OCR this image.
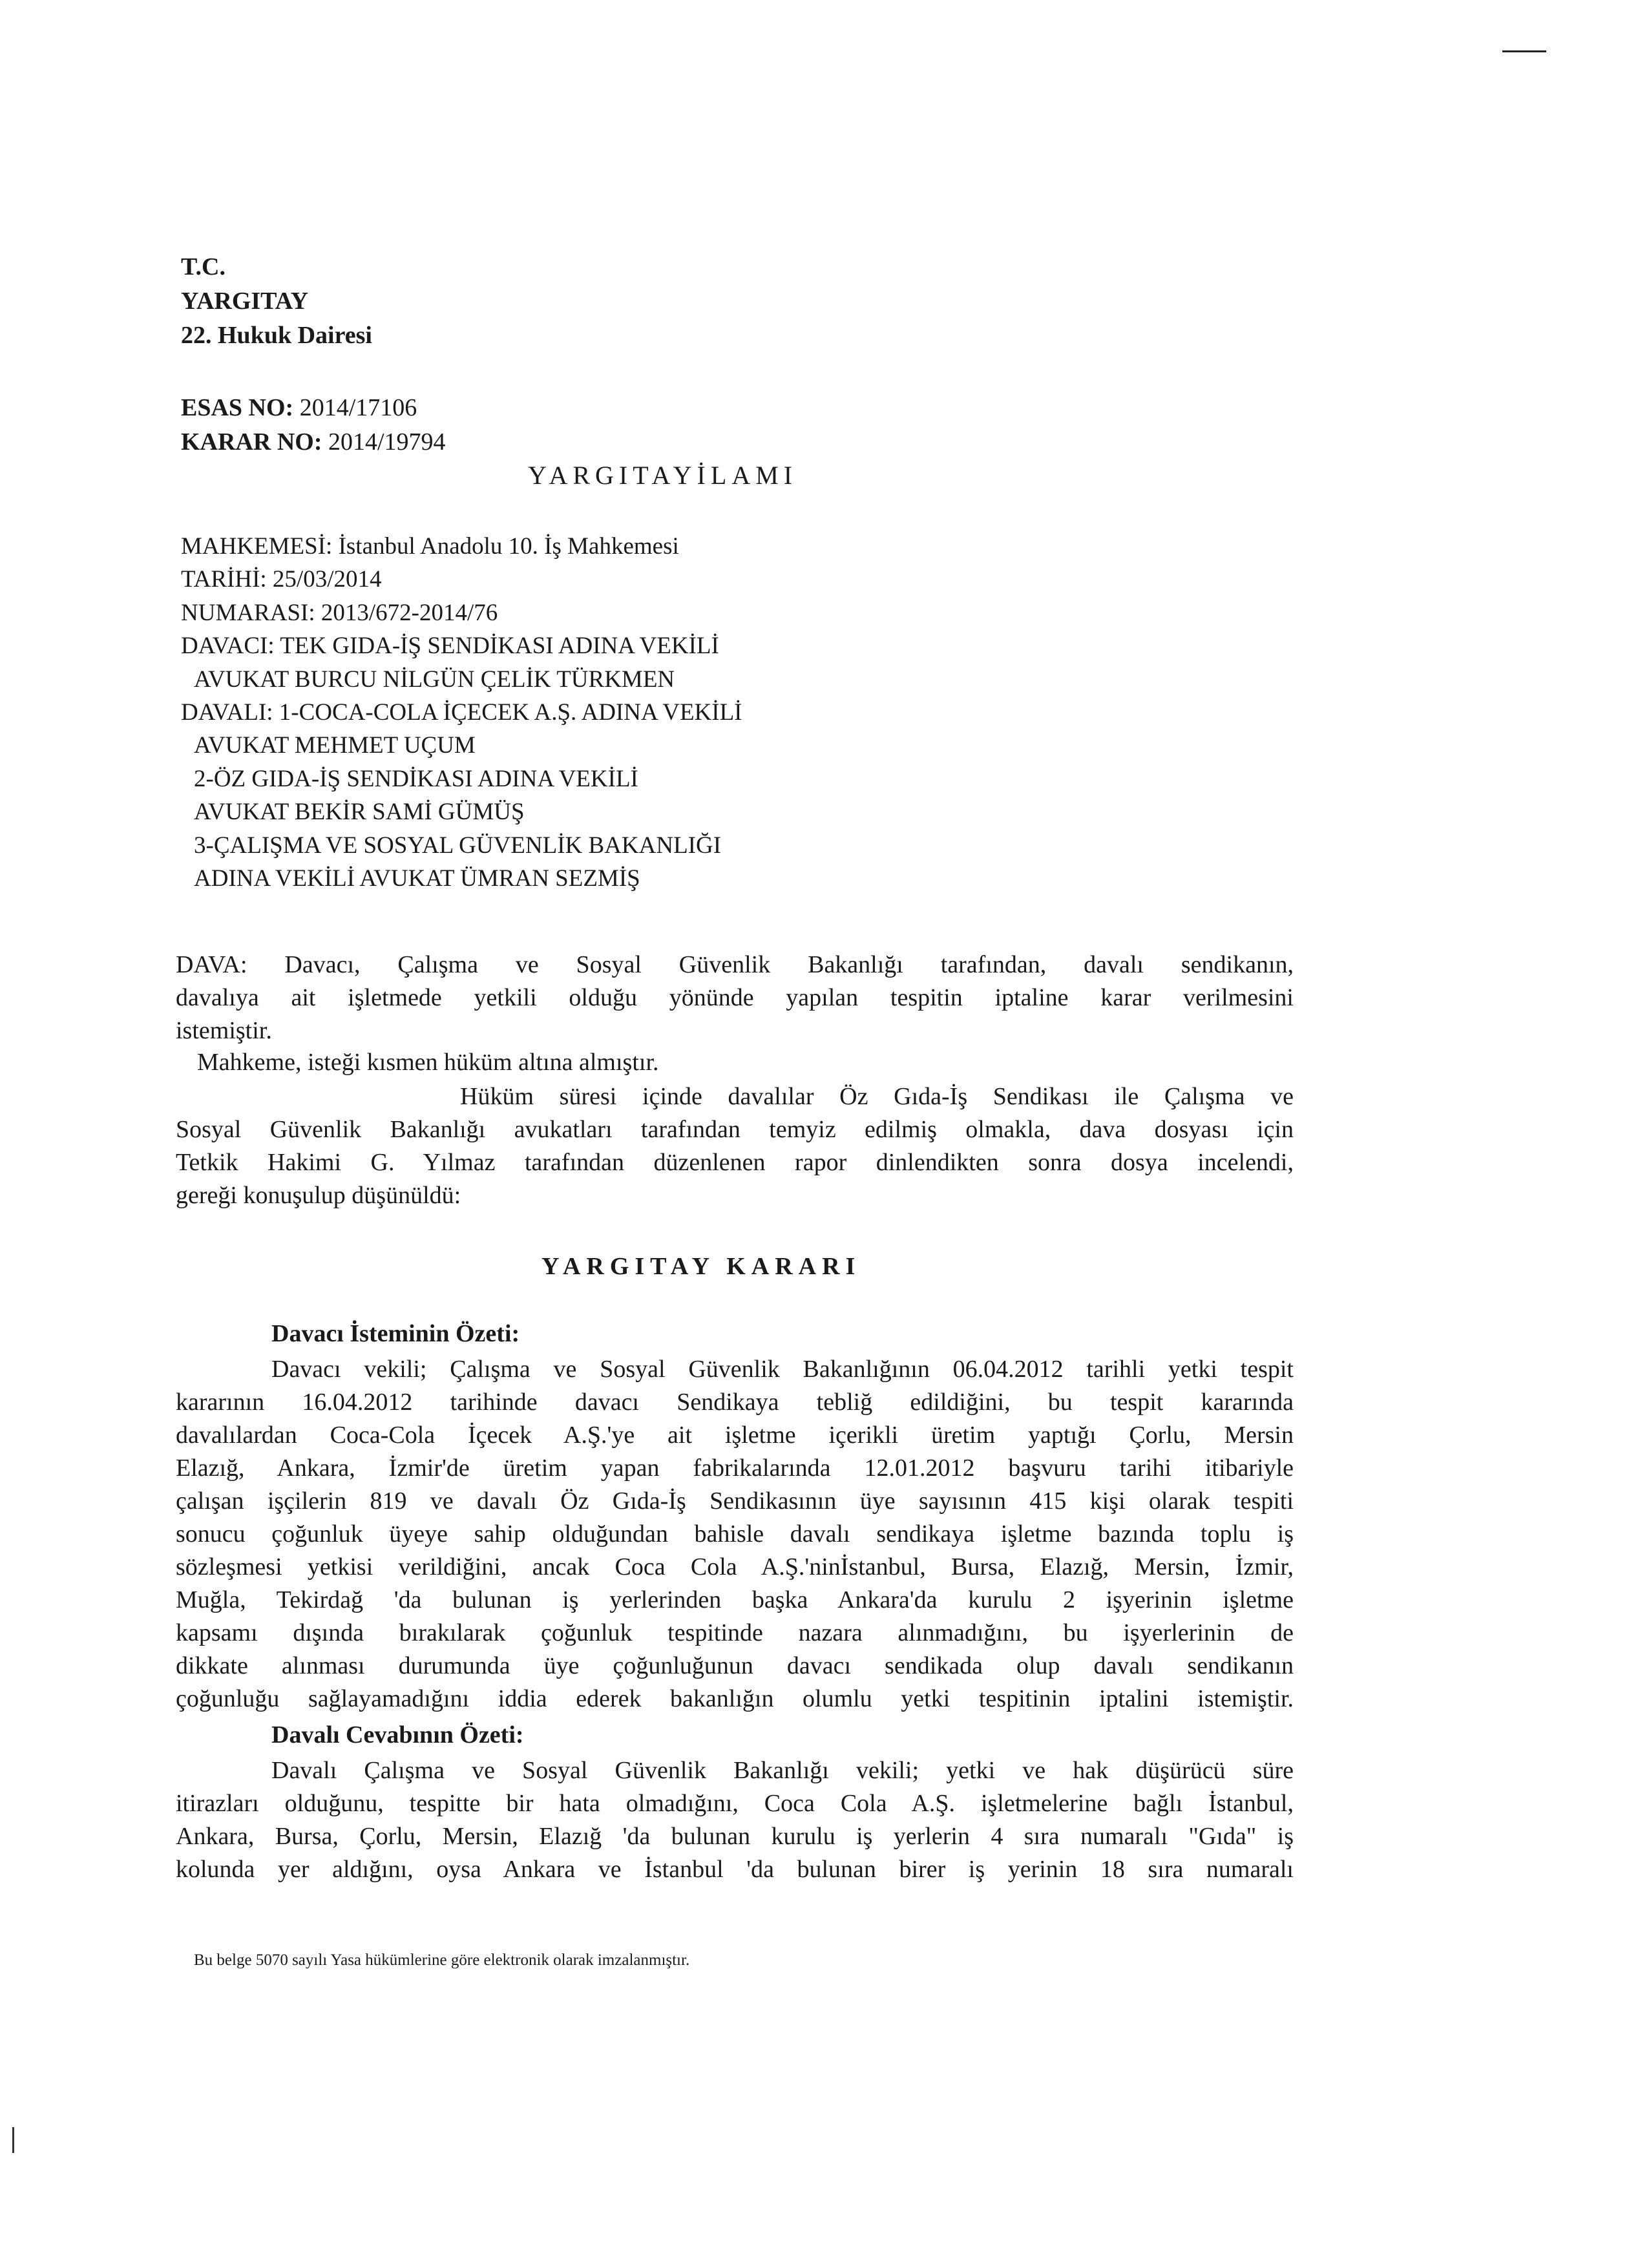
T.C.
YARGITAY
22. Hukuk Dairesi
ESAS NO: 2014/17106
KARAR NO: 2014/19794
YARGITAYİLAMI
MAHKEMESİ: İstanbul Anadolu 10. İş Mahkemesi
TARİHİ: 25/03/2014
NUMARASI: 2013/672-2014/76
DAVACI: TEK GIDA-İŞ SENDİKASI ADINA VEKİLİ
AVUKAT BURCU NİLGÜN ÇELİK TÜRKMEN
DAVALI: 1-COCA-COLA İÇECEK A.Ş. ADINA VEKİLİ
AVUKAT MEHMET UÇUM
2-ÖZ GIDA-İŞ SENDİKASI ADINA VEKİLİ
AVUKAT BEKİR SAMİ GÜMÜŞ
3-ÇALIŞMA VE SOSYAL GÜVENLİK BAKANLIĞI
ADINA VEKİLİ AVUKAT ÜMRAN SEZMİŞ
DAVA: Davacı, Çalışma ve Sosyal Güvenlik Bakanlığı tarafından, davalı sendikanın,
davalıya ait işletmede yetkili olduğu yönünde yapılan tespitin iptaline karar verilmesini
istemiştir.
Mahkeme, isteği kısmen hüküm altına almıştır.
Hüküm süresi içinde davalılar Öz Gıda-İş Sendikası ile Çalışma ve
Sosyal Güvenlik Bakanlığı avukatları tarafından temyiz edilmiş olmakla, dava dosyası için
Tetkik Hakimi G. Yılmaz tarafından düzenlenen rapor dinlendikten sonra dosya incelendi,
gereği konuşulup düşünüldü:
YARGITAY KARARI
Davacı İsteminin Özeti:
Davacı vekili; Çalışma ve Sosyal Güvenlik Bakanlığının 06.04.2012 tarihli yetki tespit
kararının 16.04.2012 tarihinde davacı Sendikaya tebliğ edildiğini, bu tespit kararında
davalılardan Coca-Cola İçecek A.Ş.'ye ait işletme içerikli üretim yaptığı Çorlu, Mersin
Elazığ, Ankara, İzmir'de üretim yapan fabrikalarında 12.01.2012 başvuru tarihi itibariyle
çalışan işçilerin 819 ve davalı Öz Gıda-İş Sendikasının üye sayısının 415 kişi olarak tespiti
sonucu çoğunluk üyeye sahip olduğundan bahisle davalı sendikaya işletme bazında toplu iş
sözleşmesi yetkisi verildiğini, ancak Coca Cola A.Ş.'ninİstanbul, Bursa, Elazığ, Mersin, İzmir,
Muğla, Tekirdağ 'da bulunan iş yerlerinden başka Ankara'da kurulu 2 işyerinin işletme
kapsamı dışında bırakılarak çoğunluk tespitinde nazara alınmadığını, bu işyerlerinin de
dikkate alınması durumunda üye çoğunluğunun davacı sendikada olup davalı sendikanın
çoğunluğu sağlayamadığını iddia ederek bakanlığın olumlu yetki tespitinin iptalini istemiştir.
Davalı Cevabının Özeti:
Davalı Çalışma ve Sosyal Güvenlik Bakanlığı vekili; yetki ve hak düşürücü süre
itirazları olduğunu, tespitte bir hata olmadığını, Coca Cola A.Ş. işletmelerine bağlı İstanbul,
Ankara, Bursa, Çorlu, Mersin, Elazığ 'da bulunan kurulu iş yerlerin 4 sıra numaralı "Gıda" iş
kolunda yer aldığını, oysa Ankara ve İstanbul 'da bulunan birer iş yerinin 18 sıra numaralı
Bu belge 5070 sayılı Yasa hükümlerine göre elektronik olarak imzalanmıştır.
